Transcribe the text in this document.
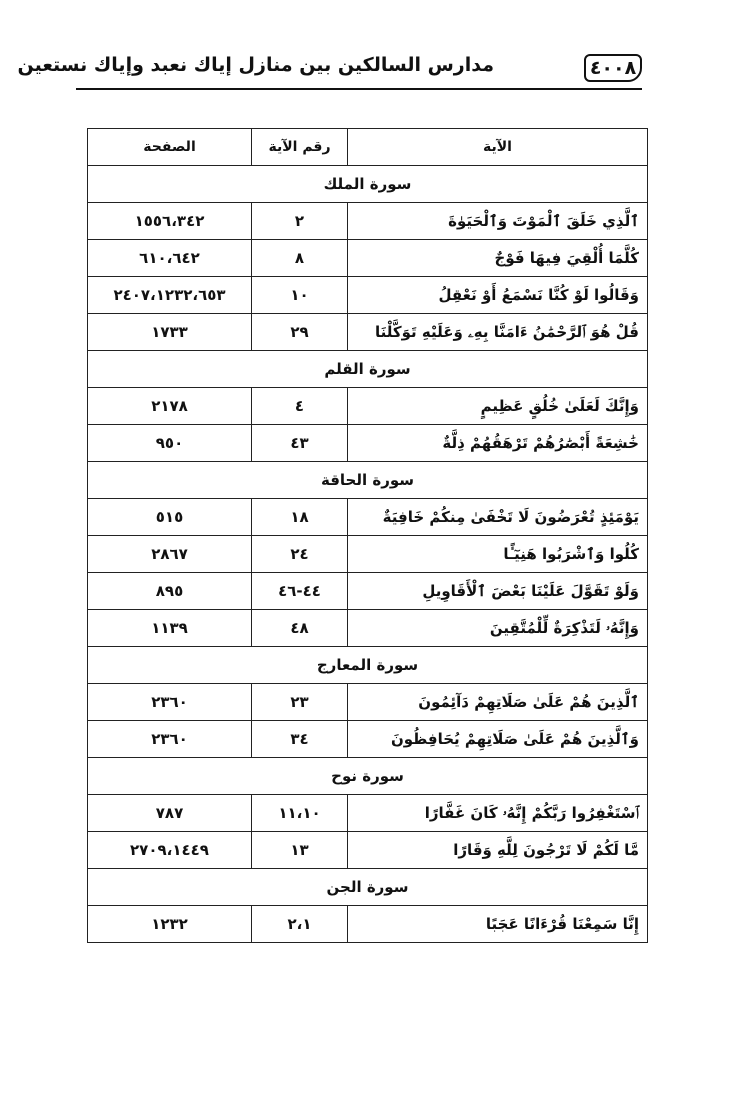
مدارس السالكين بين منازل إياك نعبد وإياك نستعين	٤٠٠٨
الآية	رقم الآية	الصفحة
سورة الملك		
ٱلَّذِي خَلَقَ ٱلْمَوْتَ وَٱلْحَيَوٰةَ	٢	١٥٥٦،٣٤٢
كُلَّمَا أُلْقِيَ فِيهَا فَوْجٌ	٨	٦١٠،٦٤٢
وَقَالُوا لَوْ كُنَّا نَسْمَعُ أَوْ نَعْقِلُ	١٠	٢٤٠٧،١٢٣٢،٦٥٣
قُلْ هُوَ ٱلرَّحْمَٰنُ ءَامَنَّا بِهِۦ وَعَلَيْهِ تَوَكَّلْنَا	٢٩	١٧٣٣
سورة القلم		
وَإِنَّكَ لَعَلَىٰ خُلُقٍ عَظِيمٍ	٤	٢١٧٨
خَٰشِعَةً أَبْصَٰرُهُمْ تَرْهَقُهُمْ ذِلَّةٌ	٤٣	٩٥٠
سورة الحاقة		
يَوْمَئِذٍ تُعْرَضُونَ لَا تَخْفَىٰ مِنكُمْ خَافِيَةٌ	١٨	٥١٥
كُلُوا وَٱشْرَبُوا هَنِيٓـًٔا	٢٤	٢٨٦٧
وَلَوْ تَقَوَّلَ عَلَيْنَا بَعْضَ ٱلْأَقَاوِيلِ	٤٤-٤٦	٨٩٥
وَإِنَّهُۥ لَتَذْكِرَةٌ لِّلْمُتَّقِينَ	٤٨	١١٣٩
سورة المعارج		
ٱلَّذِينَ هُمْ عَلَىٰ صَلَاتِهِمْ دَآئِمُونَ	٢٣	٢٣٦٠
وَٱلَّذِينَ هُمْ عَلَىٰ صَلَاتِهِمْ يُحَافِظُونَ	٣٤	٢٣٦٠
سورة نوح		
ٱسْتَغْفِرُوا رَبَّكُمْ إِنَّهُۥ كَانَ غَفَّارًا	١١،١٠	٧٨٧
مَّا لَكُمْ لَا تَرْجُونَ لِلَّهِ وَقَارًا	١٣	٢٧٠٩،١٤٤٩
سورة الجن		
إِنَّا سَمِعْنَا قُرْءَانًا عَجَبًا	٢،١	١٢٣٢
